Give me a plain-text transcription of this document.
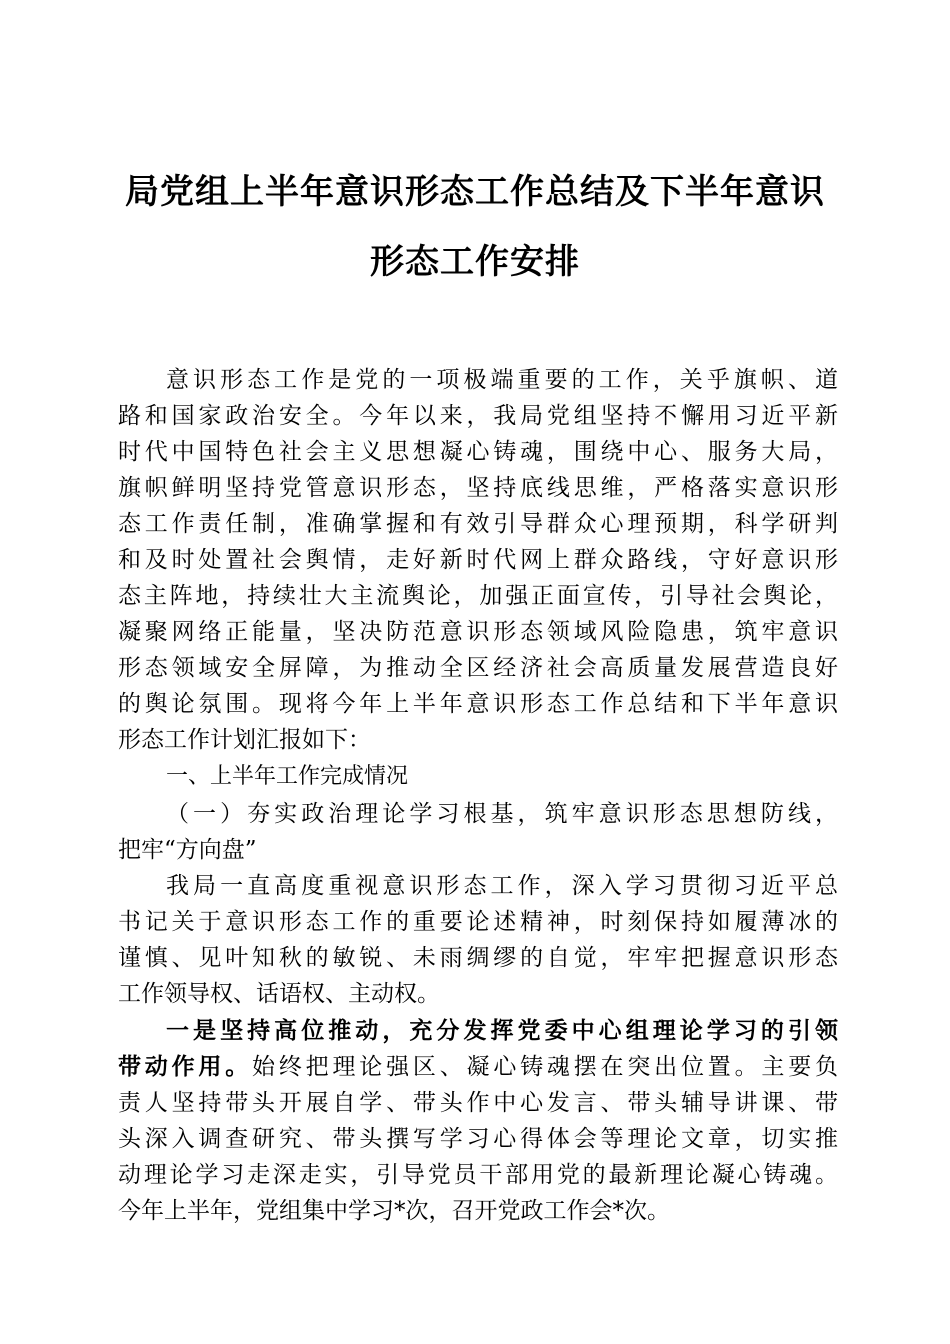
局党组上半年意识形态工作总结及下半年意识
形态工作安排
意识形态工作是党的一项极端重要的工作，关乎旗帜、道
路和国家政治安全。今年以来，我局党组坚持不懈用习近平新
时代中国特色社会主义思想凝心铸魂，围绕中心、服务大局，
旗帜鲜明坚持党管意识形态，坚持底线思维，严格落实意识形
态工作责任制，准确掌握和有效引导群众心理预期，科学研判
和及时处置社会舆情，走好新时代网上群众路线，守好意识形
态主阵地，持续壮大主流舆论，加强正面宣传，引导社会舆论，
凝聚网络正能量，坚决防范意识形态领域风险隐患，筑牢意识
形态领域安全屏障，为推动全区经济社会高质量发展营造良好
的舆论氛围。现将今年上半年意识形态工作总结和下半年意识
形态工作计划汇报如下：
一、上半年工作完成情况
（一）夯实政治理论学习根基，筑牢意识形态思想防线，
把牢“方向盘”
我局一直高度重视意识形态工作，深入学习贯彻习近平总
书记关于意识形态工作的重要论述精神，时刻保持如履薄冰的
谨慎、见叶知秋的敏锐、未雨绸缪的自觉，牢牢把握意识形态
工作领导权、话语权、主动权。
一是坚持高位推动，充分发挥党委中心组理论学习的引领
带动作用。始终把理论强区、凝心铸魂摆在突出位置。主要负
责人坚持带头开展自学、带头作中心发言、带头辅导讲课、带
头深入调查研究、带头撰写学习心得体会等理论文章，切实推
动理论学习走深走实，引导党员干部用党的最新理论凝心铸魂。
今年上半年，党组集中学习*次，召开党政工作会*次。
